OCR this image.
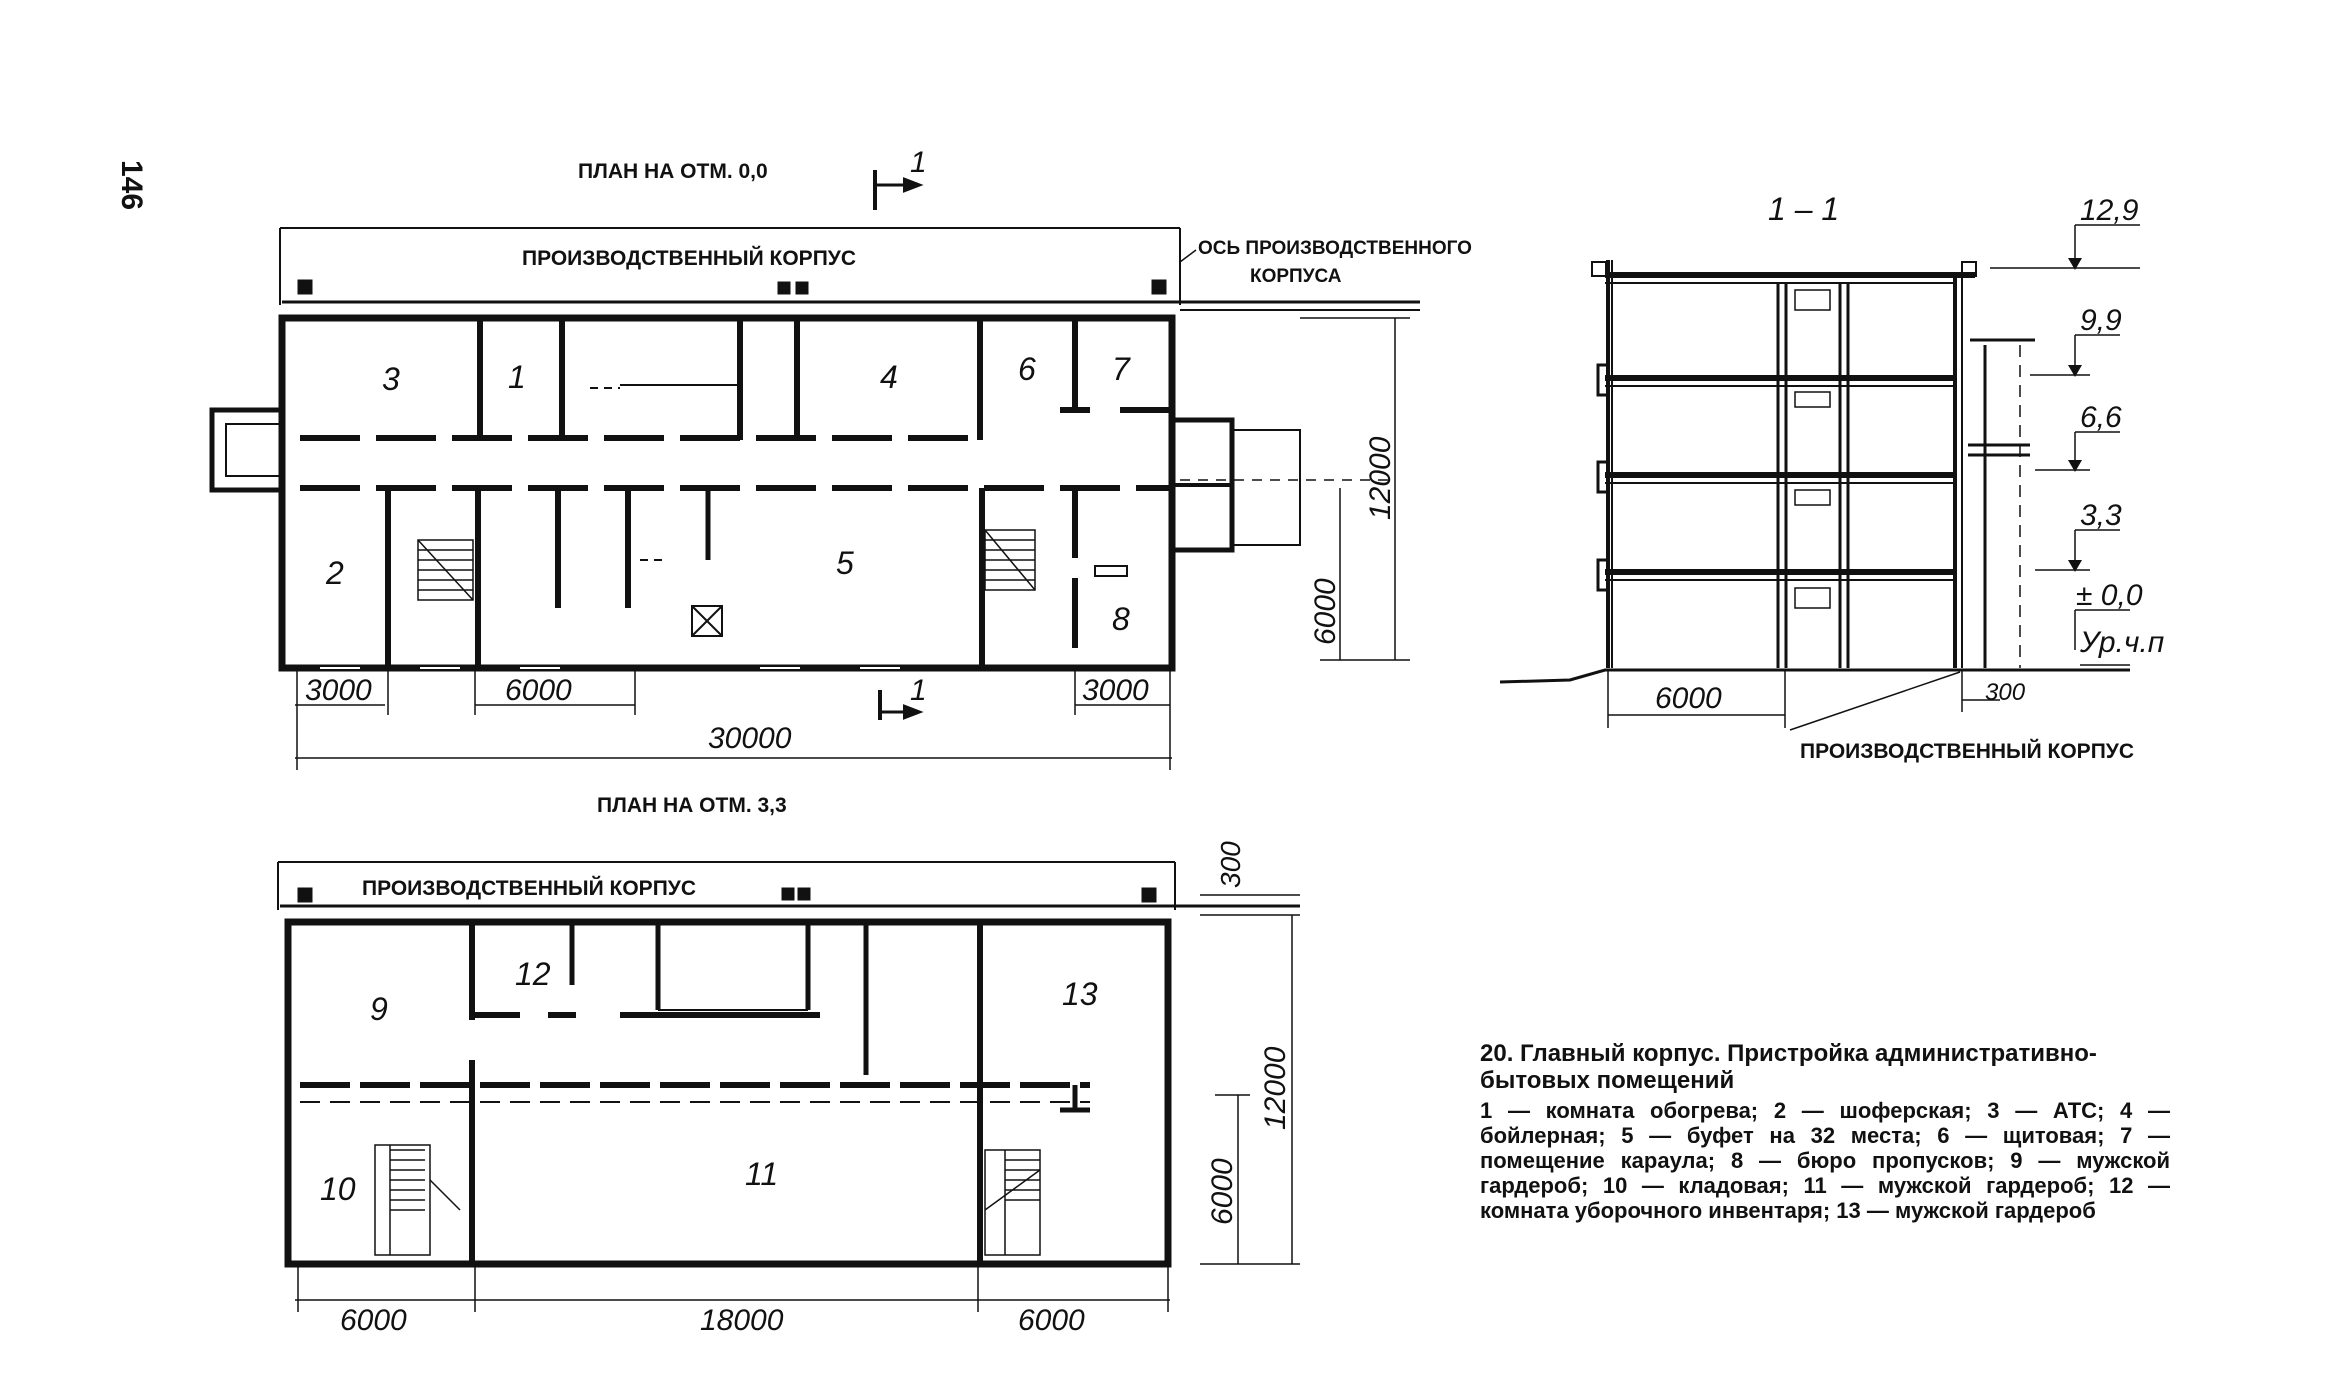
146	ПЛАН НА ОТМ. 0,0
ПРОИЗВОДСТВЕННЫЙ КОРПУС	ОСЬ ПРОИЗВОДСТВЕННОГО
КОРПУСА
3	1	4	6 7
2	5
8
1
1
3000	6000	3000
30000
12000
6000
ПЛАН НА ОТМ. 3,3
ПРОИЗВОДСТВЕННЫЙ КОРПУС
9
12
13
10	11
6000	18000	6000
300
12000
6000
1 – 1	12,9
9,9
6,6
3,3
± 0,0
Ур.ч.п
6000	300
ПРОИЗВОДСТВЕННЫЙ КОРПУС
20. Главный корпус. Пристройка административно-бытовых помещений
1 — комната обогрева; 2 — шоферская; 3 — АТС; 4 — бойлерная; 5 — буфет на 32 места; 6 — щитовая; 7 — помещение караула; 8 — бюро пропусков; 9 — мужской гардероб; 10 — кладовая; 11 — мужской гардероб; 12 — комната уборочного инвентаря; 13 — мужской гардероб
